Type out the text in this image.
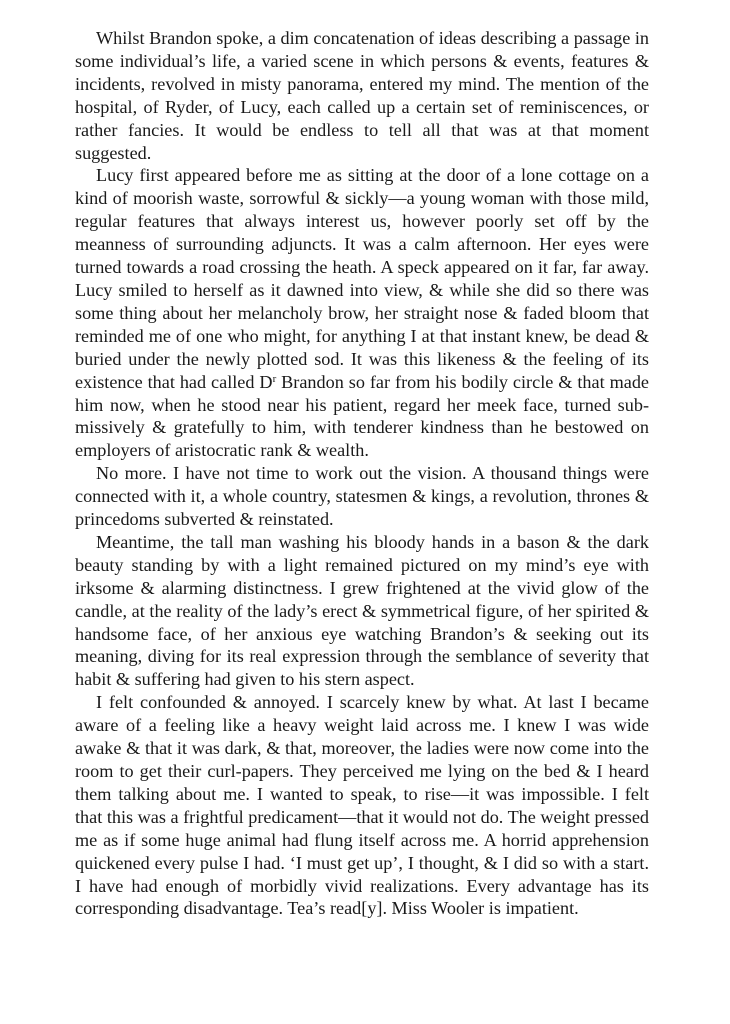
Whilst Brandon spoke, a dim concatenation of ideas describing a passage in some individual’s life, a varied scene in which persons & events, features & incidents, revolved in misty panorama, entered my mind. The mention of the hospital, of Ryder, of Lucy, each called up a certain set of reminiscences, or rather fancies. It would be endless to tell all that was at that moment suggested.

Lucy first appeared before me as sitting at the door of a lone cottage on a kind of moorish waste, sorrowful & sickly—a young woman with those mild, regular features that always interest us, however poorly set off by the meanness of surrounding adjuncts. It was a calm afternoon. Her eyes were turned towards a road crossing the heath. A speck appeared on it far, far away. Lucy smiled to herself as it dawned into view, & while she did so there was some thing about her melancholy brow, her straight nose & faded bloom that reminded me of one who might, for anything I at that instant knew, be dead & buried under the newly plotted sod. It was this likeness & the feeling of its existence that had called $D^r$ Brandon so far from his bodily circle & that made him now, when he stood near his patient, regard her meek face, turned submissively & gratefully to him, with tenderer kindness than he bestowed on employers of aristocratic rank & wealth.

No more. I have not time to work out the vision. A thousand things were connected with it, a whole country, statesmen & kings, a revolution, thrones & princedoms subverted & reinstated.

Meantime, the tall man washing his bloody hands in a bason & the dark beauty standing by with a light remained pictured on my mind’s eye with irksome & alarming distinctness. I grew frightened at the vivid glow of the candle, at the reality of the lady’s erect & symmetrical figure, of her spirited & handsome face, of her anxious eye watching Brandon’s & seeking out its meaning, diving for its real expression through the semblance of severity that habit & suffering had given to his stern aspect.

I felt confounded & annoyed. I scarcely knew by what. At last I became aware of a feeling like a heavy weight laid across me. I knew I was wide awake & that it was dark, & that, moreover, the ladies were now come into the room to get their curl-papers. They perceived me lying on the bed & I heard them talking about me. I wanted to speak, to rise—it was impossible. I felt that this was a frightful predicament—that it would not do. The weight pressed me as if some huge animal had flung itself across me. A horrid apprehension quickened every pulse I had. ‘I must get up’, I thought, & I did so with a start. I have had enough of morbidly vivid realizations. Every advantage has its corresponding disadvantage. Tea’s read[y]. Miss Wooler is impatient.
